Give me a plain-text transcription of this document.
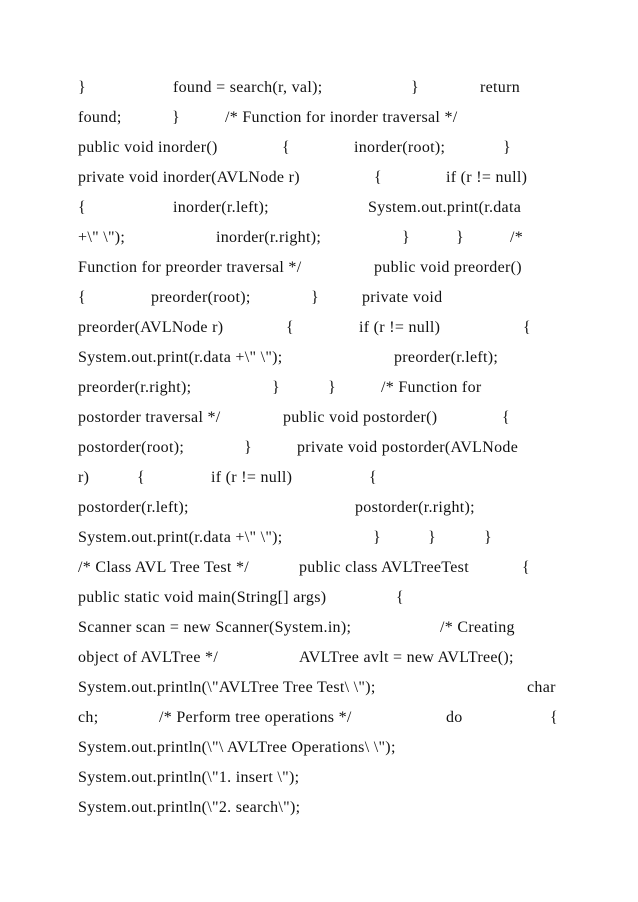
}	found = search(r, val);	}	return
found;	}	/* Function for inorder traversal */
public void inorder()	{	inorder(root);	}
private void inorder(AVLNode r)	{	if (r != null)
{	inorder(r.left);	System.out.print(r.data
+\" \");	inorder(r.right);	}	}	/*
Function for preorder traversal */	public void preorder()
{	preorder(root);	}	private void
preorder(AVLNode r)	{	if (r != null)	{
System.out.print(r.data +\" \");	preorder(r.left);
preorder(r.right);	}	}	/* Function for
postorder traversal */	public void postorder()	{
postorder(root);	}	private void postorder(AVLNode
r)	{	if (r != null)	{
postorder(r.left);	postorder(r.right);
System.out.print(r.data +\" \");	}	}	}
/* Class AVL Tree Test */	public class AVLTreeTest	{
public static void main(String[] args)	{
Scanner scan = new Scanner(System.in);	/* Creating
object of AVLTree */	AVLTree avlt = new AVLTree();
System.out.println(\"AVLTree Tree Test\ \");	char
ch;	/* Perform tree operations */	do	{
System.out.println(\"\ AVLTree Operations\ \");
System.out.println(\"1. insert \");
System.out.println(\"2. search\");
